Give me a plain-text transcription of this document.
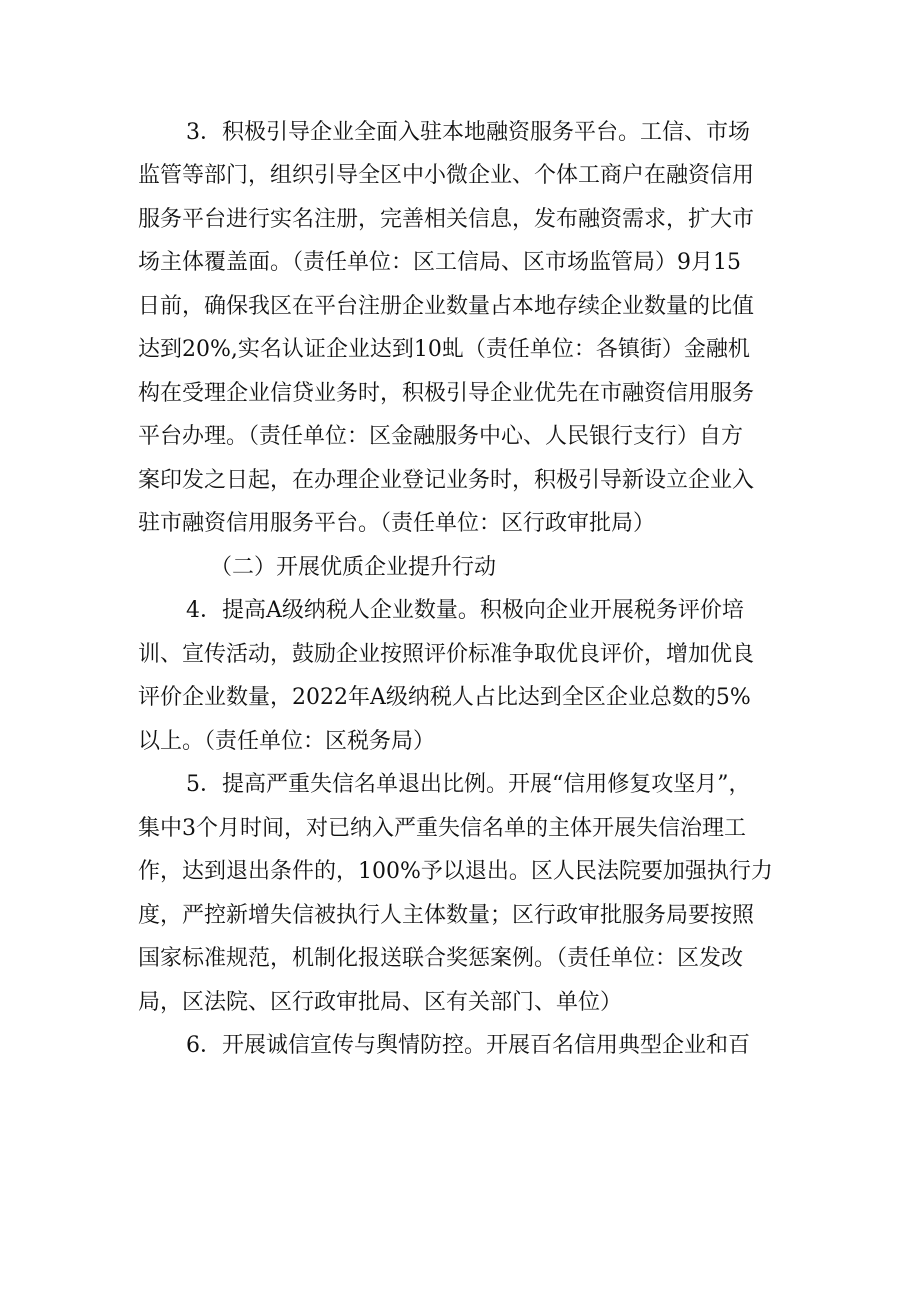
3．积极引导企业全面入驻本地融资服务平台。工信、市场
监管等部门，组织引导全区中小微企业、个体工商户在融资信用
服务平台进行实名注册，完善相关信息，发布融资需求，扩大市
场主体覆盖面。（责任单位：区工信局、区市场监管局）9月15
日前，确保我区在平台注册企业数量占本地存续企业数量的比值
达到20%,实名认证企业达到10虬（责任单位：各镇街）金融机
构在受理企业信贷业务时，积极引导企业优先在市融资信用服务
平台办理。（责任单位：区金融服务中心、人民银行支行）自方
案印发之日起，在办理企业登记业务时，积极引导新设立企业入
驻市融资信用服务平台。（责任单位：区行政审批局）
（二）开展优质企业提升行动
4．提高A级纳税人企业数量。积极向企业开展税务评价培
训、宣传活动，鼓励企业按照评价标准争取优良评价，增加优良
评价企业数量，2022年A级纳税人占比达到全区企业总数的5%
以上。（责任单位：区税务局）
5．提高严重失信名单退出比例。开展“信用修复攻坚月”，
集中3个月时间，对已纳入严重失信名单的主体开展失信治理工
作，达到退出条件的，100%予以退出。区人民法院要加强执行力
度，严控新增失信被执行人主体数量；区行政审批服务局要按照
国家标准规范，机制化报送联合奖惩案例。（责任单位：区发改
局，区法院、区行政审批局、区有关部门、单位）
6．开展诚信宣传与舆情防控。开展百名信用典型企业和百
